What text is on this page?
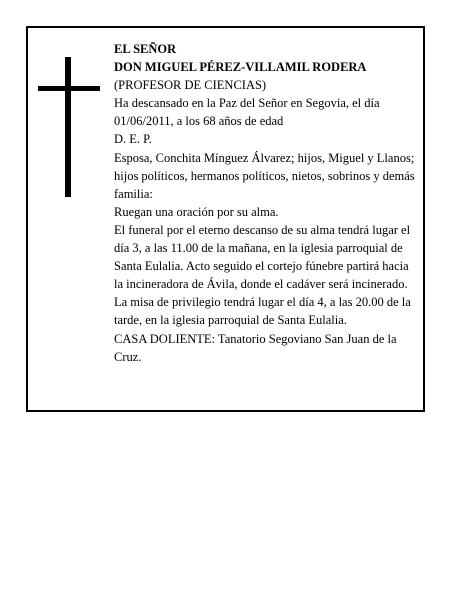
EL SEÑOR
DON MIGUEL PÉREZ-VILLAMIL RODERA
(PROFESOR DE CIENCIAS)
Ha descansado en la Paz del Señor en Segovia, el día 01/06/2011, a los 68 años de edad
D. E. P.
Esposa, Conchita Mínguez Álvarez; hijos, Miguel y Llanos; hijos políticos, hermanos políticos, nietos, sobrinos y demás familia:
Ruegan una oración por su alma.
El funeral por el eterno descanso de su alma tendrá lugar el día 3, a las 11.00 de la mañana, en la iglesia parroquial de Santa Eulalia. Acto seguido el cortejo fúnebre partirá hacia la incineradora de Ávila, donde el cadáver será incinerado. La misa de privilegio tendrá lugar el día 4, a las 20.00 de la tarde, en la iglesia parroquial de Santa Eulalia.
CASA DOLIENTE: Tanatorio Segoviano San Juan de la Cruz.
